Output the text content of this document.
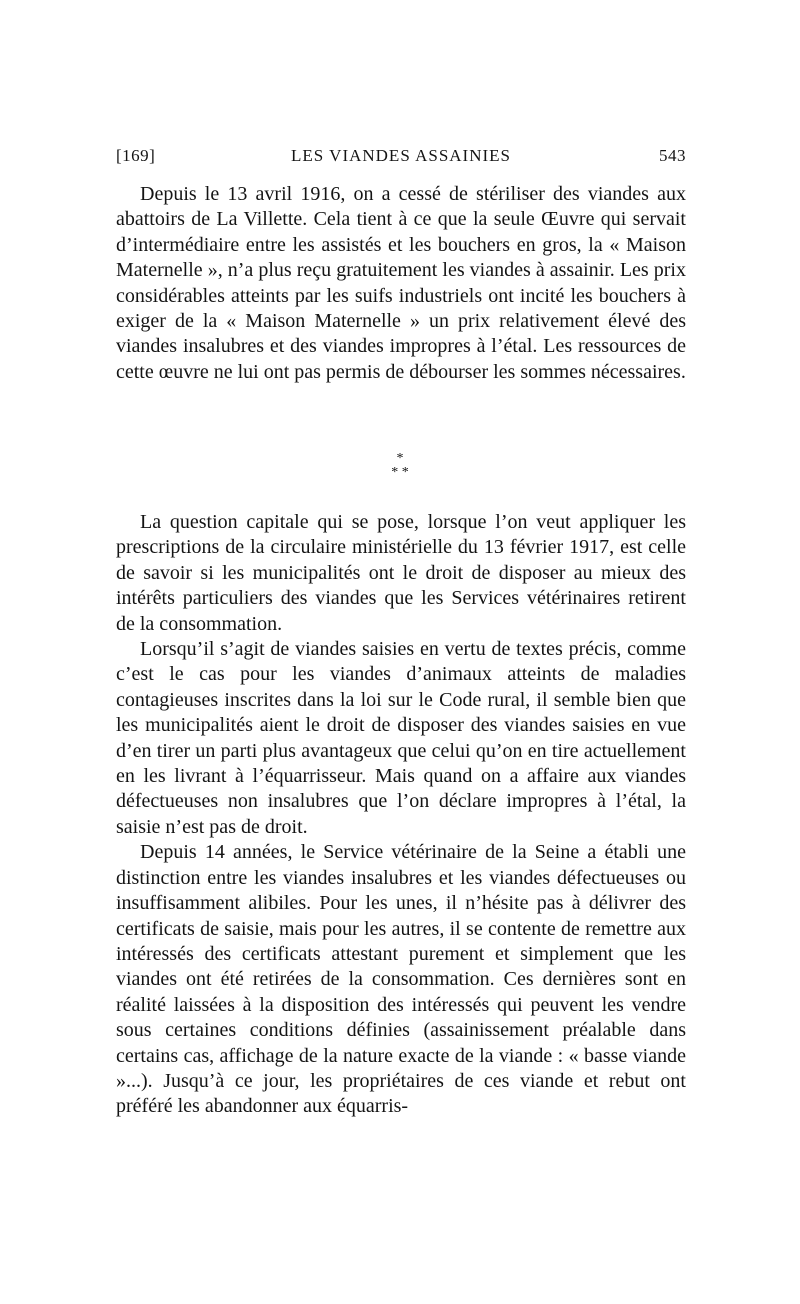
[169]	LES VIANDES ASSAINIES	543

Depuis le 13 avril 1916, on a cessé de stériliser des viandes aux abattoirs de La Villette. Cela tient à ce que la seule Œuvre qui servait d’intermédiaire entre les assistés et les bouchers en gros, la « Maison Maternelle », n’a plus reçu gratuitement les viandes à assainir. Les prix considérables atteints par les suifs industriels ont incité les bouchers à exiger de la « Maison Maternelle » un prix relativement élevé des viandes insalubres et des viandes impropres à l’étal. Les ressources de cette œuvre ne lui ont pas permis de débourser les sommes nécessaires.

*
* *

La question capitale qui se pose, lorsque l’on veut appliquer les prescriptions de la circulaire ministérielle du 13 février 1917, est celle de savoir si les municipalités ont le droit de disposer au mieux des intérêts particuliers des viandes que les Services vétérinaires retirent de la consommation.

Lorsqu’il s’agit de viandes saisies en vertu de textes précis, comme c’est le cas pour les viandes d’animaux atteints de maladies contagieuses inscrites dans la loi sur le Code rural, il semble bien que les municipalités aient le droit de disposer des viandes saisies en vue d’en tirer un parti plus avantageux que celui qu’on en tire actuellement en les livrant à l’équarrisseur. Mais quand on a affaire aux viandes défectueuses non insalubres que l’on déclare impropres à l’étal, la saisie n’est pas de droit.

Depuis 14 années, le Service vétérinaire de la Seine a établi une distinction entre les viandes insalubres et les viandes défectueuses ou insuffisamment alibiles. Pour les unes, il n’hésite pas à délivrer des certificats de saisie, mais pour les autres, il se contente de remettre aux intéressés des certificats attestant purement et simplement que les viandes ont été retirées de la consommation. Ces dernières sont en réalité laissées à la disposition des intéressés qui peuvent les vendre sous certaines conditions définies (assainissement préalable dans certains cas, affichage de la nature exacte de la viande : « basse viande »...). Jusqu’à ce jour, les propriétaires de ces viande et rebut ont préféré les abandonner aux équarris-
